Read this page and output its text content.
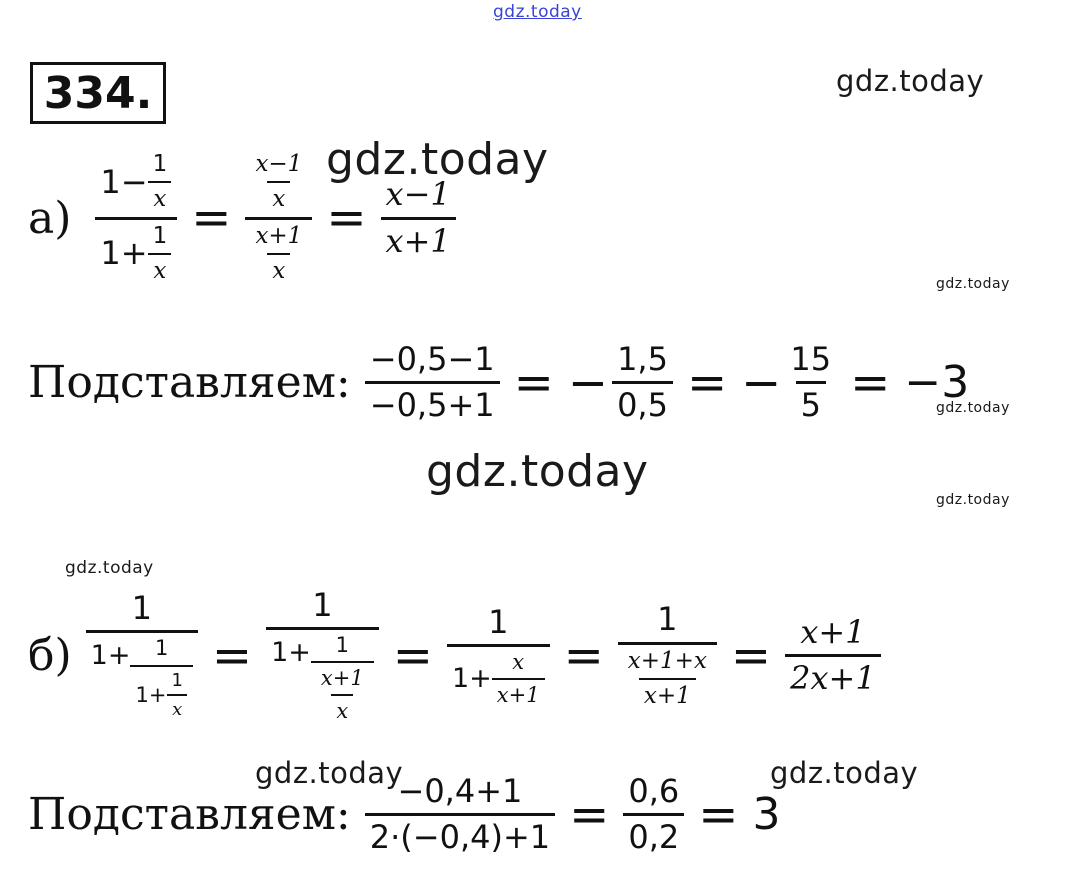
gdz.today
gdz.today
gdz.today
gdz.today
gdz.today
gdz.today
gdz.today
gdz.today
gdz.today	gdz.today
334.
$а) \frac{1 - \frac{1}{x}}{1+ \frac{1}{x}} = \frac{\frac{x-1}{x}}{\frac{x+1}{x}} = \frac{x-1}{x+1}$
Подставляем: $\frac{-0,5-1}{-0,5+1}$ = − $\frac{1,5}{0,5}$ = − $\frac{15}{5} = -3$
б)
1
$1+ \frac{1}{1+ \frac{1}{x}}$ =
1
$1+ \frac{1}{\frac{x+1}{x}} = \frac{1}{1+ \frac{x}{x+1}} = \frac{1}{\frac{x+1+x}{x+1}} = \frac{x+1}{2x+1}$
Подставляем: $\frac{-0,4+1}{2\cdot(-0,4)+1} = \frac{0,6}{0,2} = 3$
